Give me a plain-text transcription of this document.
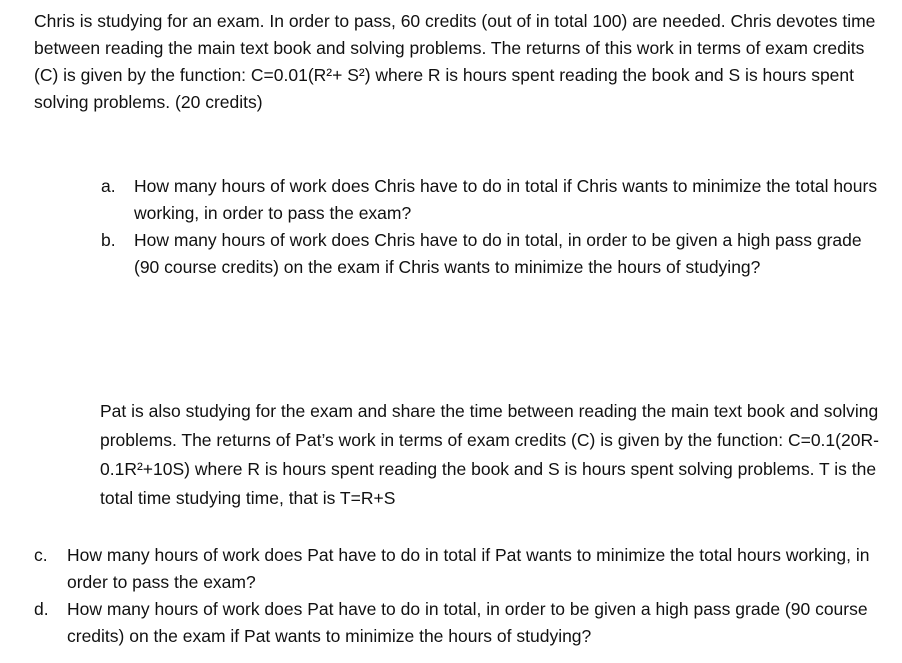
Chris is studying for an exam. In order to pass, 60 credits (out of in total 100) are needed. Chris devotes time between reading the main text book and solving problems. The returns of this work in terms of exam credits (C) is given by the function: C=0.01(R²+ S²) where R is hours spent reading the book and S is hours spent solving problems. (20 credits)

a. How many hours of work does Chris have to do in total if Chris wants to minimize the total hours working, in order to pass the exam?
b. How many hours of work does Chris have to do in total, in order to be given a high pass grade (90 course credits) on the exam if Chris wants to minimize the hours of studying?

Pat is also studying for the exam and share the time between reading the main text book and solving problems. The returns of Pat’s work in terms of exam credits (C) is given by the function: C=0.1(20R-0.1R²+10S) where R is hours spent reading the book and S is hours spent solving problems. T is the total time studying time, that is T=R+S

c. How many hours of work does Pat have to do in total if Pat wants to minimize the total hours working, in order to pass the exam?
d. How many hours of work does Pat have to do in total, in order to be given a high pass grade (90 course credits) on the exam if Pat wants to minimize the hours of studying?
